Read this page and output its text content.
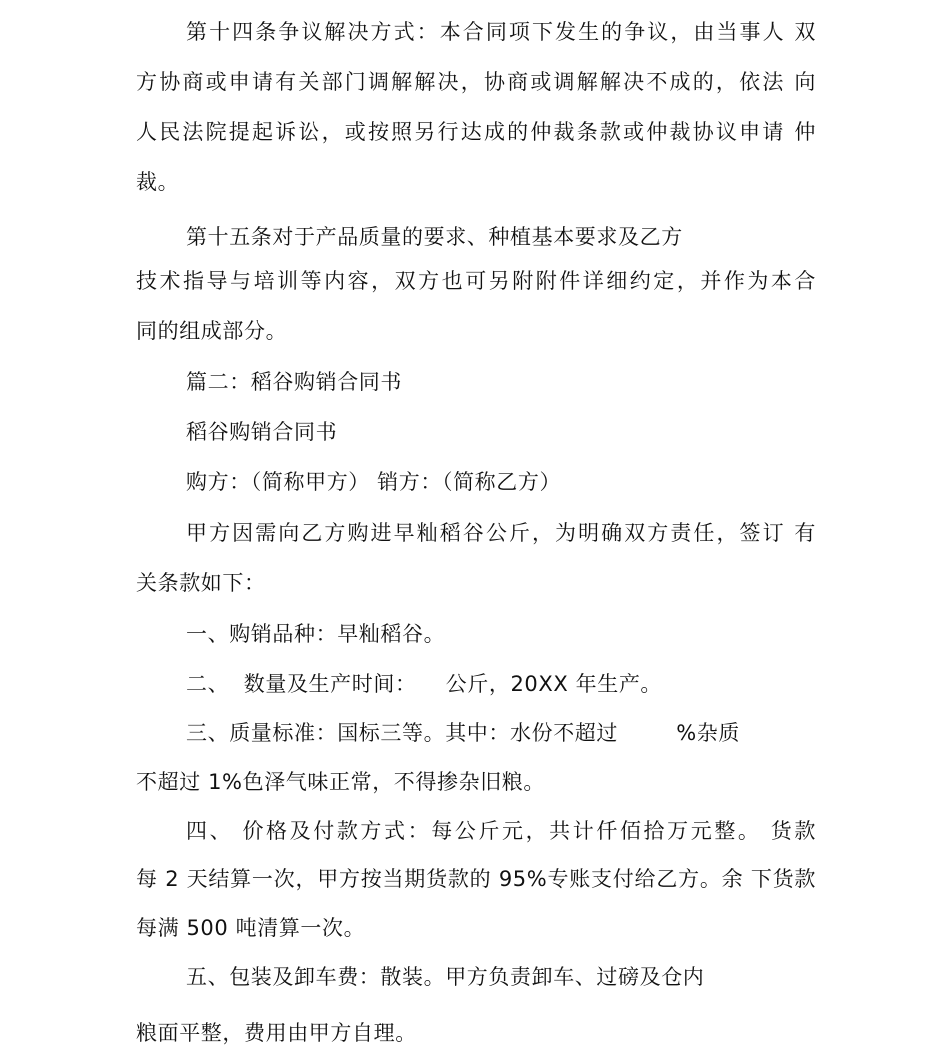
第十四条争议解决方式：本合同项下发生的争议，由当事人 双
方协商或申请有关部门调解解决，协商或调解解决不成的，依法 向
人民法院提起诉讼，或按照另行达成的仲裁条款或仲裁协议申请 仲
裁。
第十五条对于产品质量的要求、种植基本要求及乙方
技术指导与培训等内容，双方也可另附附件详细约定，并作为本合
同的组成部分。
篇二：稻谷购销合同书
稻谷购销合同书
购方：（简称甲方） 销方：（简称乙方）
甲方因需向乙方购进早籼稻谷公斤，为明确双方责任，签订 有
关条款如下：
一、购销品种：早籼稻谷。
二、  数量及生产时间：    公斤，20XX 年生产。
三、质量标准：国标三等。其中：水份不超过        %杂质
不超过 1%色泽气味正常，不得掺杂旧粮。
四、 价格及付款方式：每公斤元，共计仟佰拾万元整。 货款
每 2 天结算一次，甲方按当期货款的 95%专账支付给乙方。余 下货款
每满 500 吨清算一次。
五、包装及卸车费：散装。甲方负责卸车、过磅及仓内
粮面平整，费用由甲方自理。
